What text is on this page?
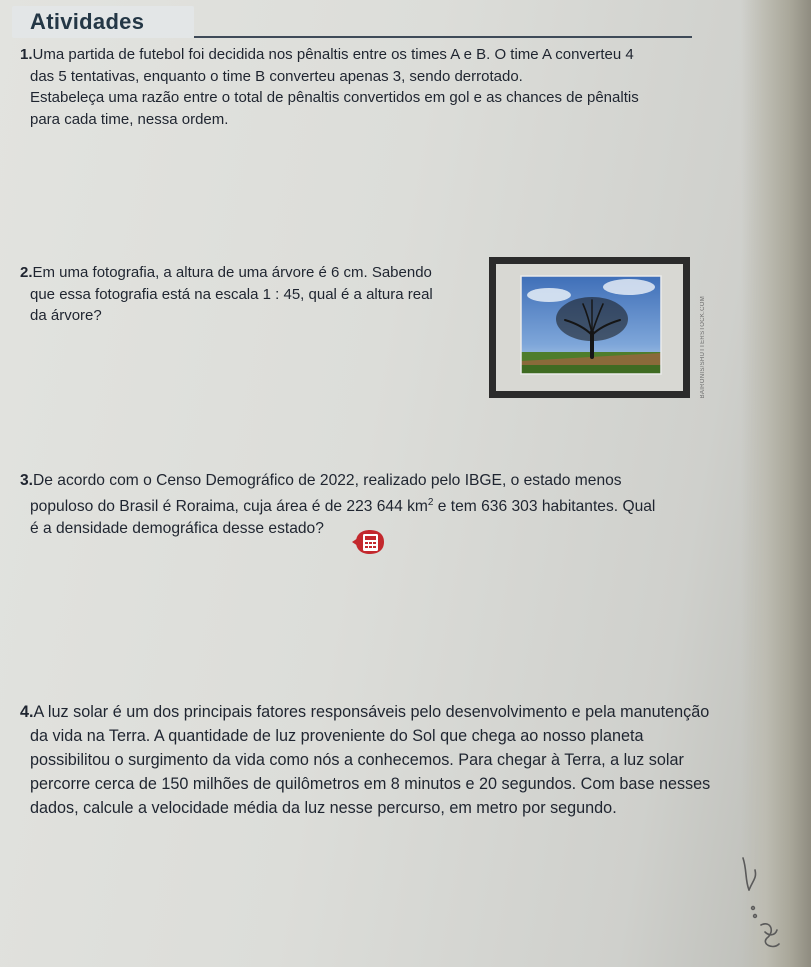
Atividades
1.Uma partida de futebol foi decidida nos pênaltis entre os times A e B. O time A converteu 4
das 5 tentativas, enquanto o time B converteu apenas 3, sendo derrotado.
Estabeleça uma razão entre o total de pênaltis convertidos em gol e as chances de pênaltis
para cada time, nessa ordem.
2.Em uma fotografia, a altura de uma árvore é 6 cm. Sabendo
que essa fotografia está na escala 1 : 45, qual é a altura real
da árvore?	BAIRONIS/SHUTTERSTOCK.COM
3.De acordo com o Censo Demográfico de 2022, realizado pelo IBGE, o estado menos
populoso do Brasil é Roraima, cuja área é de 223 644 $km^2$ e tem 636 303 habitantes. Qual
é a densidade demográfica desse estado?
4.A luz solar é um dos principais fatores responsáveis pelo desenvolvimento e pela manutenção
da vida na Terra. A quantidade de luz proveniente do Sol que chega ao nosso planeta
possibilitou o surgimento da vida como nós a conhecemos. Para chegar à Terra, a luz solar
percorre cerca de 150 milhões de quilômetros em 8 minutos e 20 segundos. Com base nesses
dados, calcule a velocidade média da luz nesse percurso, em metro por segundo.
